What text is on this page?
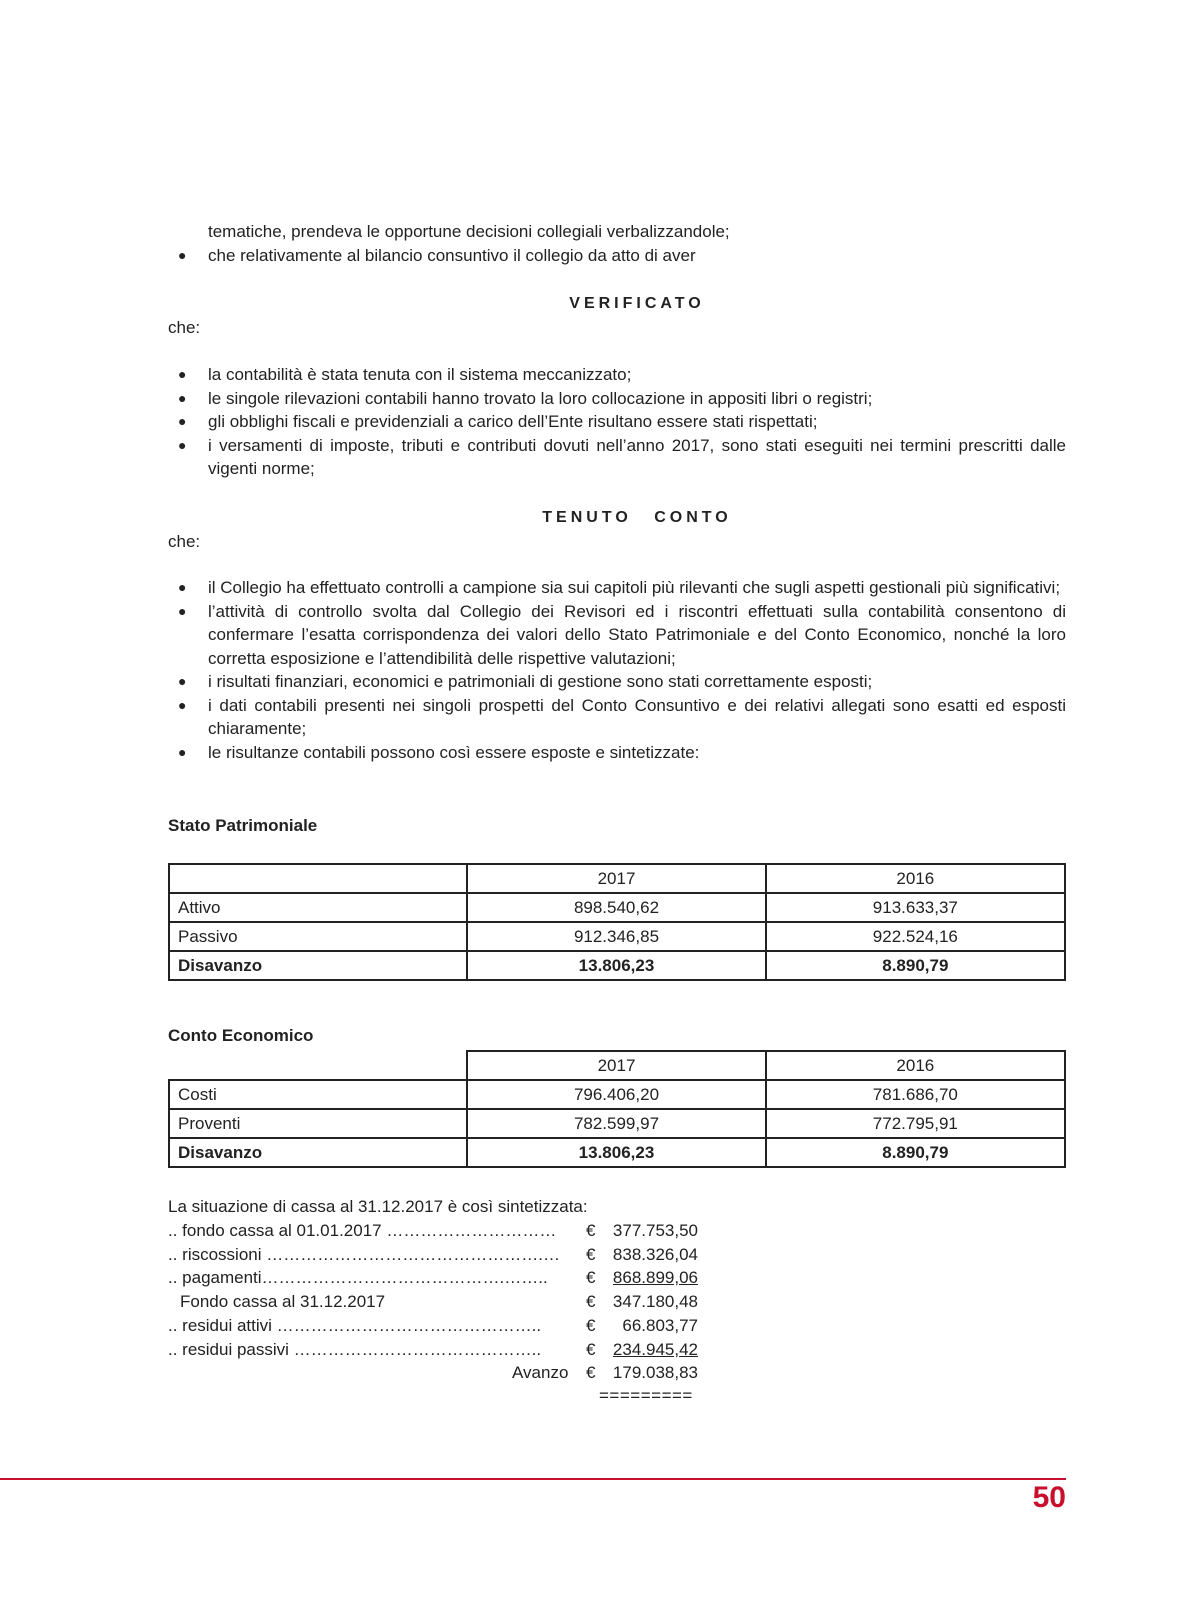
tematiche, prendeva le opportune decisioni collegiali verbalizzandole;
● che relativamente al bilancio consuntivo il collegio da atto di aver
VERIFICATO
che:
● la contabilità è stata tenuta con il sistema meccanizzato;
● le singole rilevazioni contabili hanno trovato la loro collocazione in appositi libri o registri;
● gli obblighi fiscali e previdenziali a carico dell’Ente risultano essere stati rispettati;
● i versamenti di imposte, tributi e contributi dovuti nell’anno 2017, sono stati eseguiti nei termini prescritti dalle vigenti norme;
TENUTO CONTO
che:
● il Collegio ha effettuato controlli a campione sia sui capitoli più rilevanti che sugli aspetti gestionali più significativi;
● l’attività di controllo svolta dal Collegio dei Revisori ed i riscontri effettuati sulla contabilità consentono di confermare l’esatta corrispondenza dei valori dello Stato Patrimoniale e del Conto Economico, nonché la loro corretta esposizione e l’attendibilità delle rispettive valutazioni;
● i risultati finanziari, economici e patrimoniali di gestione sono stati correttamente esposti;
● i dati contabili presenti nei singoli prospetti del Conto Consuntivo e dei relativi allegati sono esatti ed esposti chiaramente;
● le risultanze contabili possono così essere esposte e sintetizzate:
Stato Patrimoniale
	2017	2016
Attivo	898.540,62	913.633,37
Passivo	912.346,85	922.524,16
Disavanzo	13.806,23	8.890,79
Conto Economico
	2017	2016
Costi	796.406,20	781.686,70
Proventi	782.599,97	772.795,91
Disavanzo	13.806,23	8.890,79
La situazione di cassa al 31.12.2017 è così sintetizzata:
.. fondo cassa al 01.01.2017 ………………………… € 377.753,50
.. riscossioni ………………………………………….… € 838.326,04
.. pagamenti…………………………………….…….. € 868.899,06
Fondo cassa al 31.12.2017	€ 347.180,48
.. residui attivi ………………………………………..	€ 66.803,77
.. residui passivi ……………………………………..	€ 234.945,42
Avanzo € 179.038,83
=========
50
